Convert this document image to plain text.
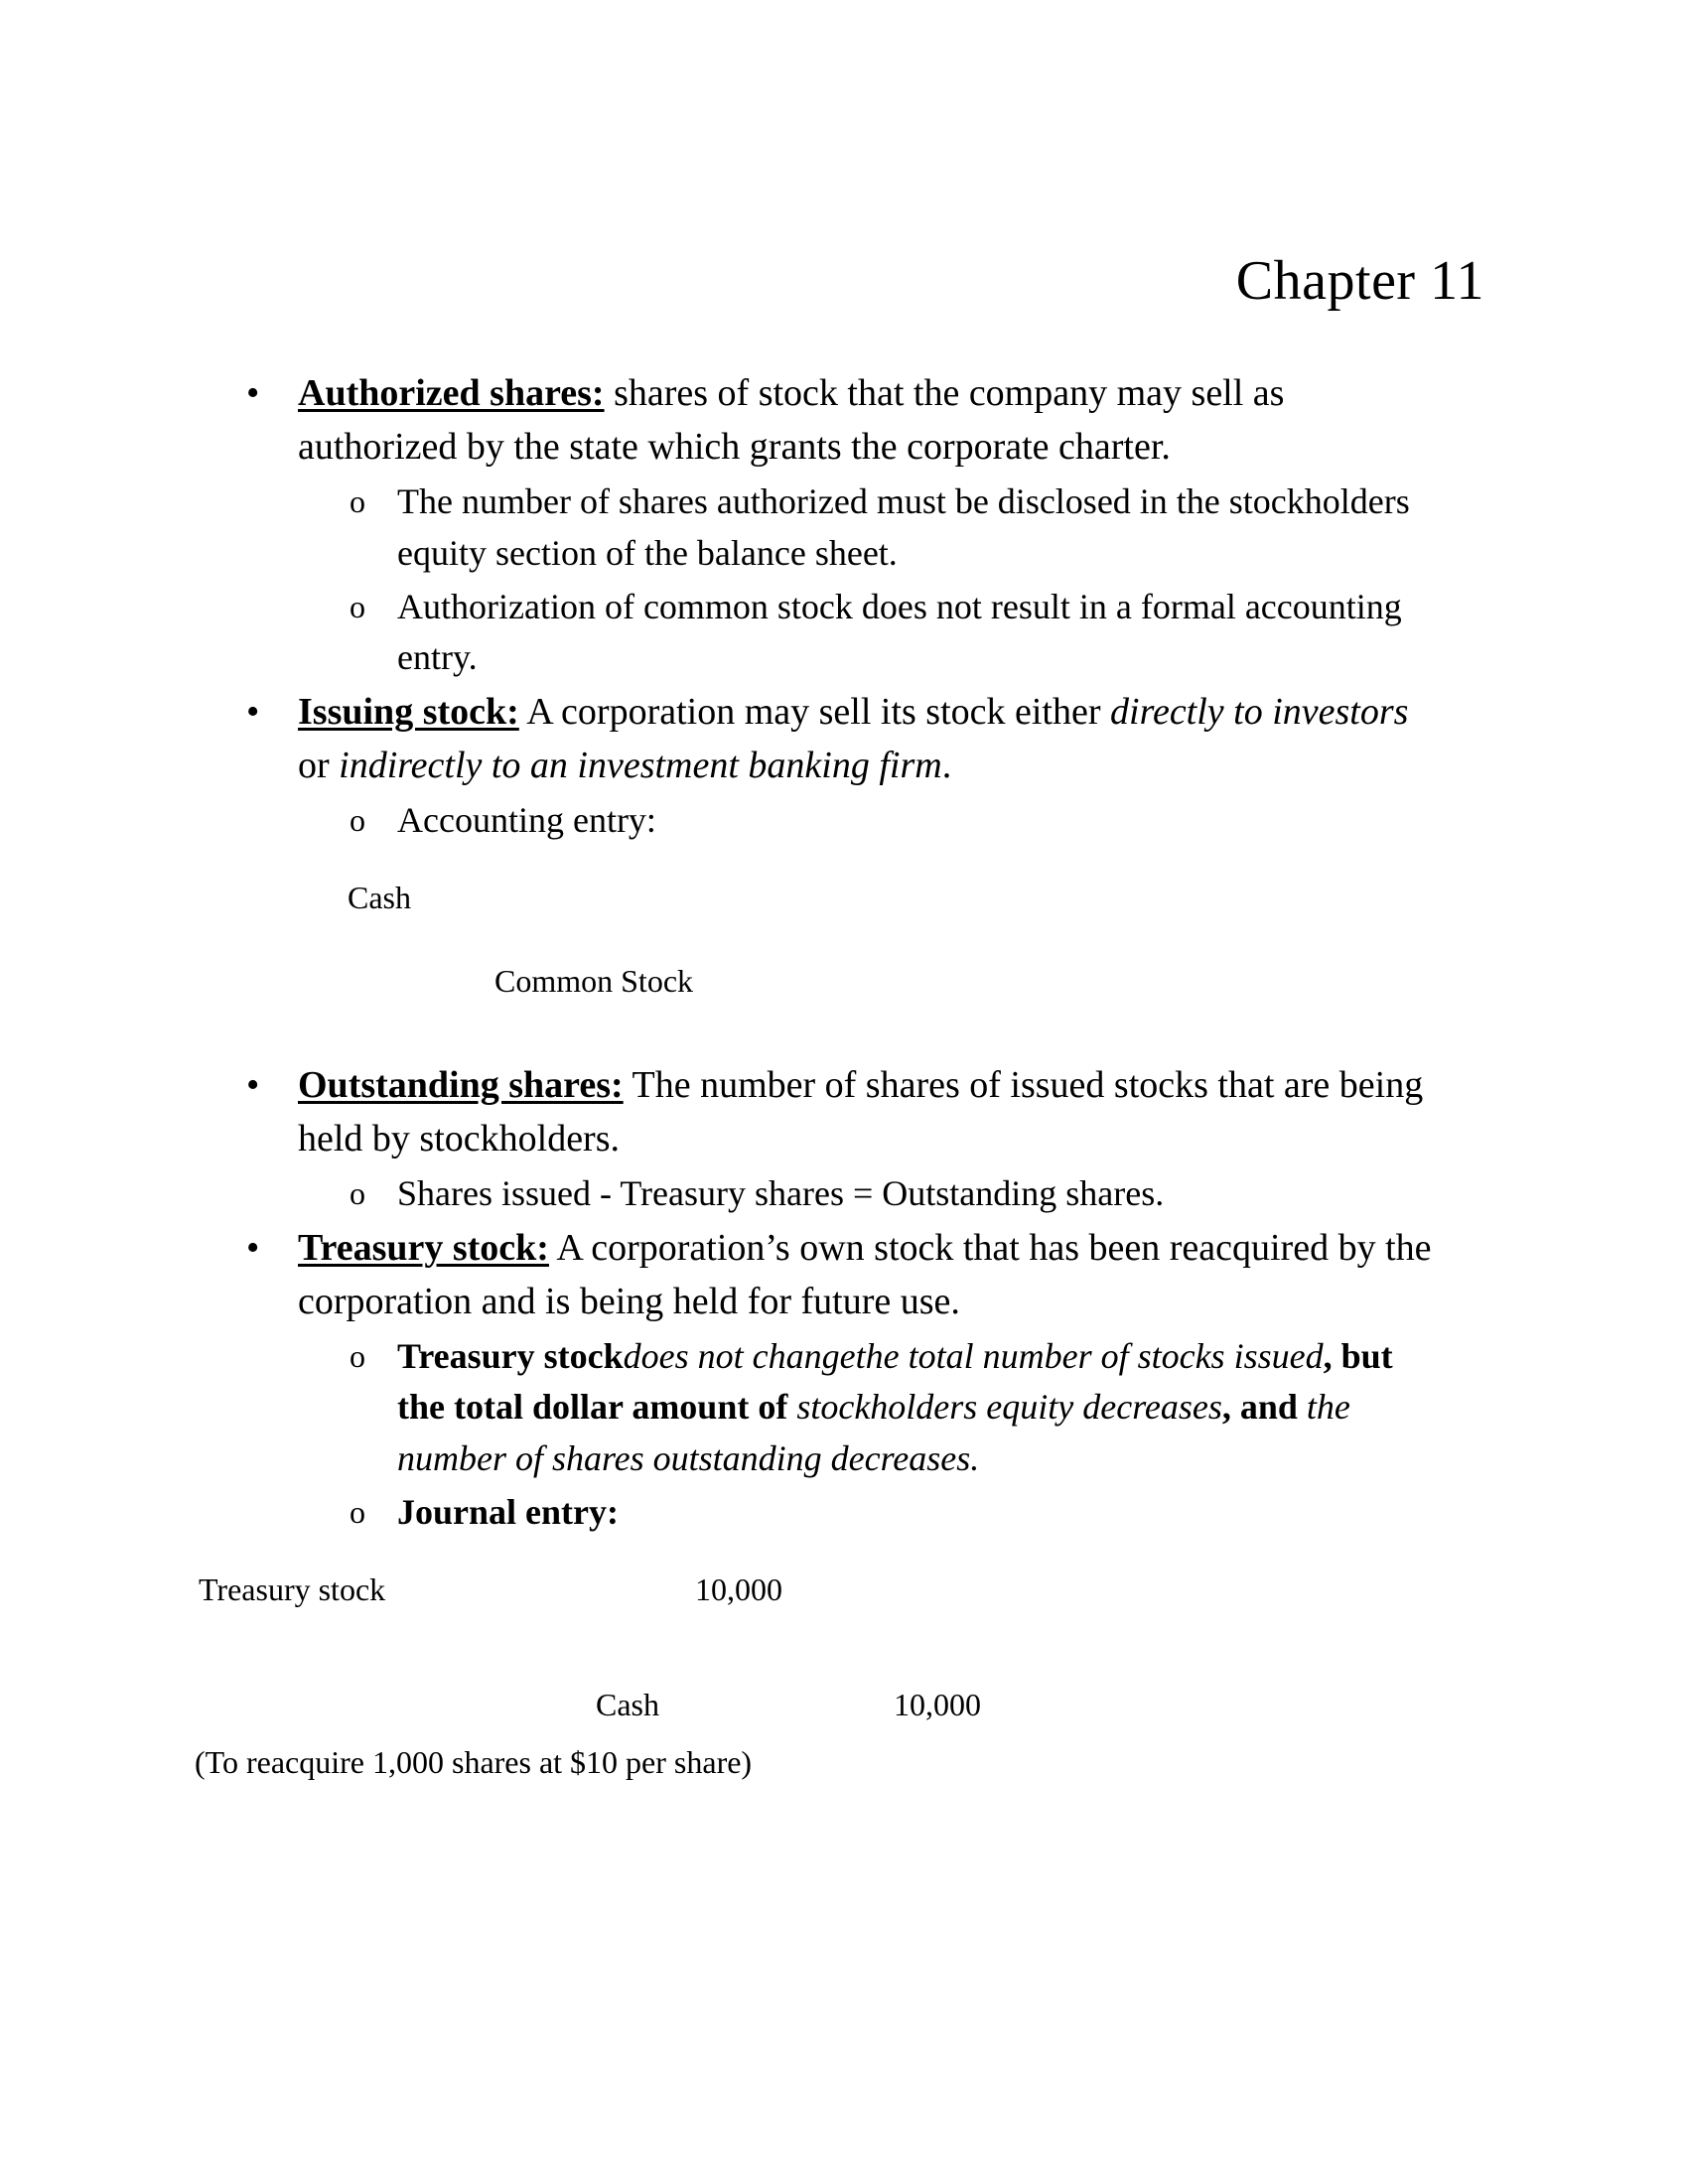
Chapter 11
• Authorized shares: shares of stock that the company may sell as authorized by the state which grants the corporate charter.
o The number of shares authorized must be disclosed in the stockholders equity section of the balance sheet.
o Authorization of common stock does not result in a formal accounting entry.
• Issuing stock: A corporation may sell its stock either directly to investors or indirectly to an investment banking firm.
o Accounting entry:
Cash
Common Stock
• Outstanding shares: The number of shares of issued stocks that are being held by stockholders.
o Shares issued - Treasury shares = Outstanding shares.
• Treasury stock: A corporation’s own stock that has been reacquired by the corporation and is being held for future use.
o Treasury stockdoes not changethe total number of stocks issued, but the total dollar amount of stockholders equity decreases, and the number of shares outstanding decreases.
o Journal entry:
Treasury stock	10,000
Cash	10,000
(To reacquire 1,000 shares at $10 per share)
